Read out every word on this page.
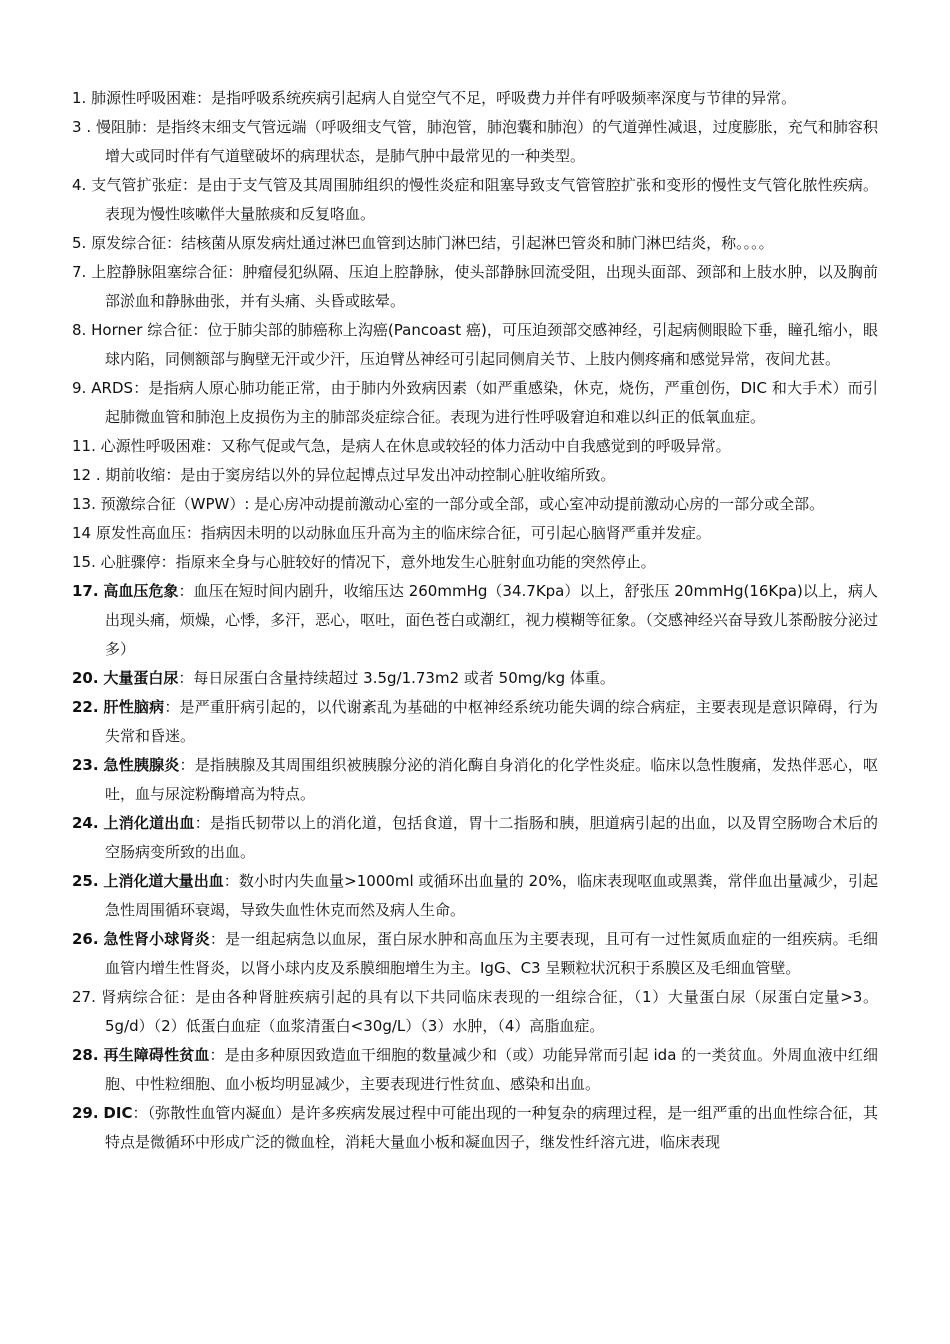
1. 肺源性呼吸困难：是指呼吸系统疾病引起病人自觉空气不足，呼吸费力并伴有呼吸频率深度与节律的异常。

3 . 慢阻肺：是指终末细支气管远端（呼吸细支气管，肺泡管，肺泡囊和肺泡）的气道弹性减退，过度膨胀，充气和肺容积增大或同时伴有气道壁破坏的病理状态，是肺气肿中最常见的一种类型。

4. 支气管扩张症：是由于支气管及其周围肺组织的慢性炎症和阻塞导致支气管管腔扩张和变形的慢性支气管化脓性疾病。表现为慢性咳嗽伴大量脓痰和反复咯血。

5. 原发综合征：结核菌从原发病灶通过淋巴血管到达肺门淋巴结，引起淋巴管炎和肺门淋巴结炎，称。。。。

7. 上腔静脉阻塞综合征：肿瘤侵犯纵隔、压迫上腔静脉，使头部静脉回流受阻，出现头面部、颈部和上肢水肿，以及胸前部淤血和静脉曲张，并有头痛、头昏或眩晕。

8. Horner 综合征：位于肺尖部的肺癌称上沟癌(Pancoast 癌)，可压迫颈部交感神经，引起病侧眼睑下垂，瞳孔缩小，眼球内陷，同侧额部与胸壁无汗或少汗，压迫臂丛神经可引起同侧肩关节、上肢内侧疼痛和感觉异常，夜间尤甚。

9. ARDS：是指病人原心肺功能正常，由于肺内外致病因素（如严重感染，休克，烧伤，严重创伤，DIC 和大手术）而引起肺微血管和肺泡上皮损伤为主的肺部炎症综合征。表现为进行性呼吸窘迫和难以纠正的低氧血症。

11. 心源性呼吸困难：又称气促或气急，是病人在休息或较轻的体力活动中自我感觉到的呼吸异常。

12 . 期前收缩：是由于窦房结以外的异位起博点过早发出冲动控制心脏收缩所致。

13. 预激综合征（WPW）: 是心房冲动提前激动心室的一部分或全部，或心室冲动提前激动心房的一部分或全部。

14 原发性高血压：指病因未明的以动脉血压升高为主的临床综合征，可引起心脑肾严重并发症。

15. 心脏骤停：指原来全身与心脏较好的情况下，意外地发生心脏射血功能的突然停止。

17. 高血压危象：血压在短时间内剧升，收缩压达 260mmHg（34.7Kpa）以上，舒张压 20mmHg(16Kpa)以上，病人出现头痛，烦燥，心悸，多汗，恶心，呕吐，面色苍白或潮红，视力模糊等征象。（交感神经兴奋导致儿茶酚胺分泌过多）

20. 大量蛋白尿：每日尿蛋白含量持续超过 3.5g/1.73m2 或者 50mg/kg 体重。

22. 肝性脑病：是严重肝病引起的，以代谢紊乱为基础的中枢神经系统功能失调的综合病症，主要表现是意识障碍，行为失常和昏迷。

23. 急性胰腺炎：是指胰腺及其周围组织被胰腺分泌的消化酶自身消化的化学性炎症。临床以急性腹痛，发热伴恶心，呕吐，血与尿淀粉酶增高为特点。

24. 上消化道出血：是指氏韧带以上的消化道，包括食道，胃十二指肠和胰，胆道病引起的出血，以及胃空肠吻合术后的空肠病变所致的出血。

25. 上消化道大量出血：数小时内失血量>1000ml 或循环出血量的 20%，临床表现呕血或黑粪，常伴血出量减少，引起急性周围循环衰竭，导致失血性休克而然及病人生命。

26. 急性肾小球肾炎：是一组起病急以血尿，蛋白尿水肿和高血压为主要表现，且可有一过性氮质血症的一组疾病。毛细血管内增生性肾炎，以肾小球内皮及系膜细胞增生为主。IgG、C3 呈颗粒状沉积于系膜区及毛细血管壁。

27. 肾病综合征：是由各种肾脏疾病引起的具有以下共同临床表现的一组综合征，（1）大量蛋白尿（尿蛋白定量>3。5g/d）（2）低蛋白血症（血浆清蛋白<30g/L）（3）水肿，（4）高脂血症。

28. 再生障碍性贫血：是由多种原因致造血干细胞的数量减少和（或）功能异常而引起 ida 的一类贫血。外周血液中红细胞、中性粒细胞、血小板均明显减少，主要表现进行性贫血、感染和出血。

29. DIC：（弥散性血管内凝血）是许多疾病发展过程中可能出现的一种复杂的病理过程，是一组严重的出血性综合征，其特点是微循环中形成广泛的微血栓，消耗大量血小板和凝血因子，继发性纤溶亢进，临床表现
